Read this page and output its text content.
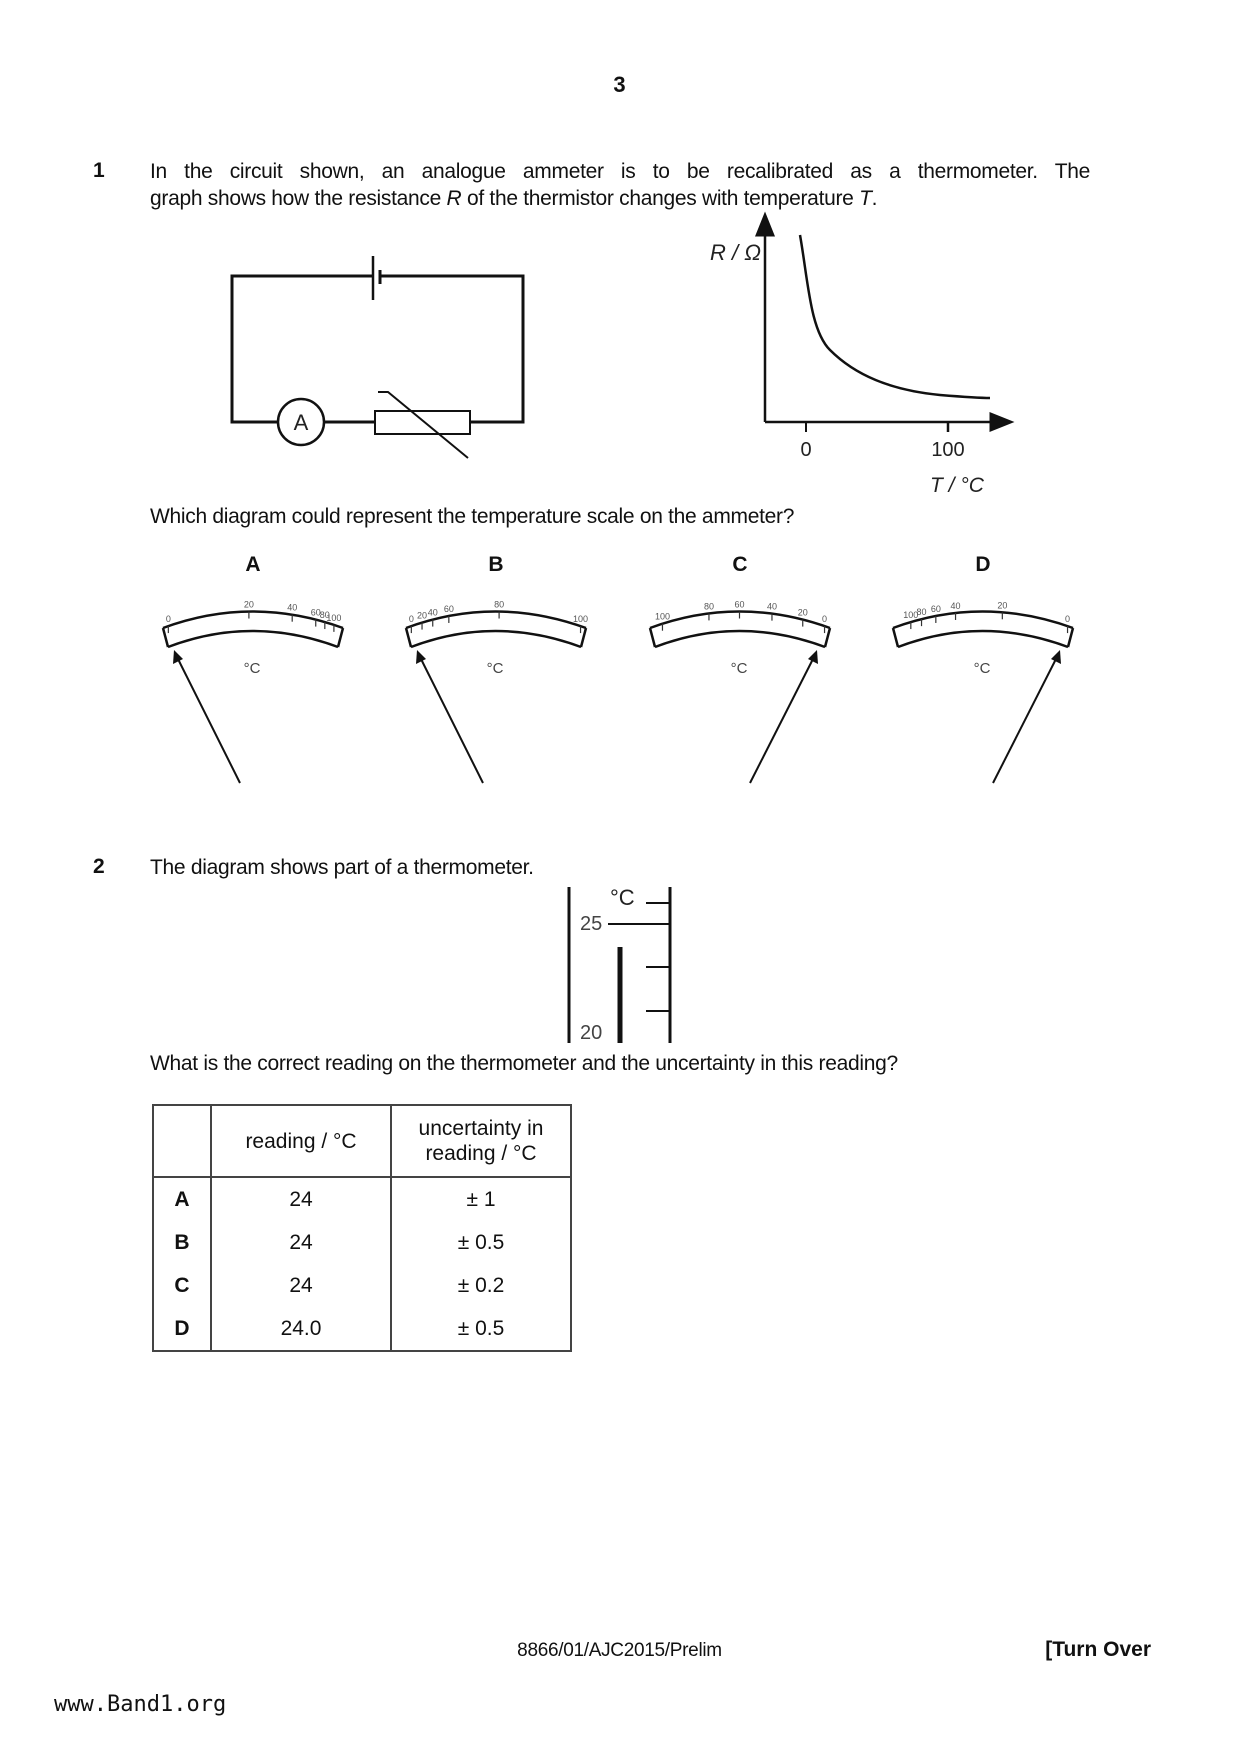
3
1 In the circuit shown, an analogue ammeter is to be recalibrated as a thermometer. The
graph shows how the resistance R of the thermistor changes with temperature T.
A
R / Ω
0	100
T / °C
Which diagram could represent the temperature scale on the ammeter?
A
0
20	40 60 80
100
°C
B
0 20 40 60	80
100
°C
C
100
80 60 40
20
0
°C
D
100
80 60 40	20
0
°C
2 The diagram shows part of a thermometer.
°C
25
20
What is the correct reading on the thermometer and the uncertainty in this reading?
	reading / °C	uncertainty in
reading / °C

A	24	± 1
B	24	± 0.5
C	24	± 0.2
D	24.0	± 0.5
8866/01/AJC2015/Prelim	[Turn Over
www.Band1.org
